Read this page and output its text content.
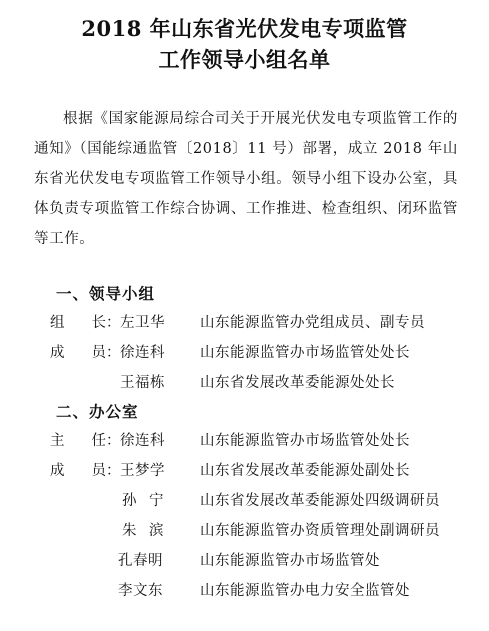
2018 年山东省光伏发电专项监管
工作领导小组名单
根据《国家能源局综合司关于开展光伏发电专项监管工作的通知》（国能综通监管〔2018〕11 号）部署，成立 2018 年山东省光伏发电专项监管工作领导小组。领导小组下设办公室，具体负责专项监管工作综合协调、工作推进、检查组织、闭环监管等工作。
一、领导小组
组长 ： 左卫华 山东能源监管办党组成员、副专员
成员 ： 徐连科 山东能源监管办市场监管处处长
王福栋 山东省发展改革委能源处处长
二、办公室
主任 ： 徐连科 山东能源监管办市场监管处处长
成员 ： 王梦学 山东省发展改革委能源处副处长
孙宁 山东省发展改革委能源处四级调研员
朱滨 山东能源监管办资质管理处副调研员
孔春明	山东能源监管办市场监管处
李文东	山东能源监管办电力安全监管处
